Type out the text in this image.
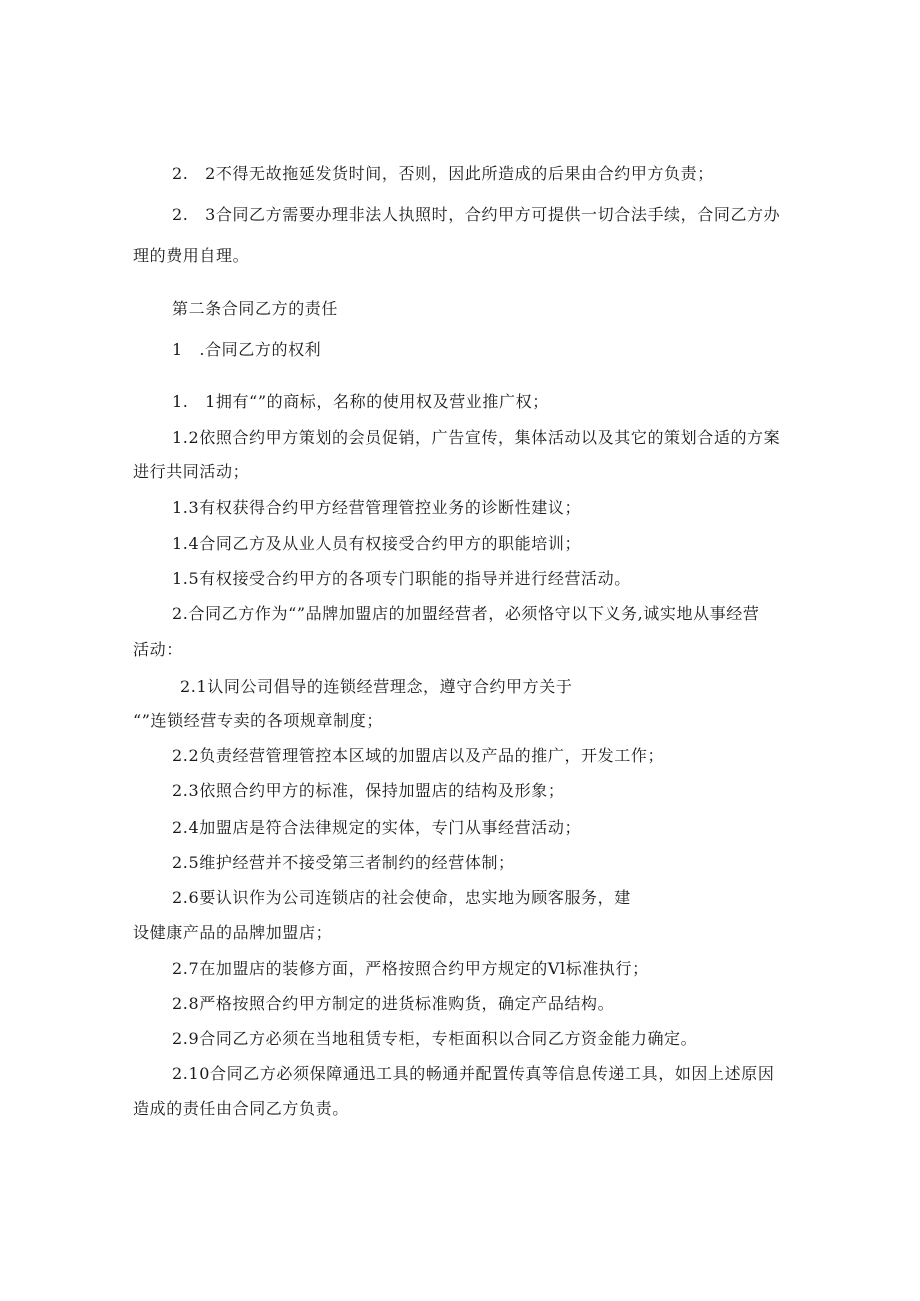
2.　2不得无故拖延发货时间，否则，因此所造成的后果由合约甲方负责；
2.　3合同乙方需要办理非法人执照时，合约甲方可提供一切合法手续，合同乙方办
理的费用自理。
第二条合同乙方的责任
1　.合同乙方的权利
1.　1拥有“”的商标，名称的使用权及营业推广权；
1.2依照合约甲方策划的会员促销，广告宣传，集体活动以及其它的策划合适的方案
进行共同活动；
1.3有权获得合约甲方经营管理管控业务的诊断性建议；
1.4合同乙方及从业人员有权接受合约甲方的职能培训；
1.5有权接受合约甲方的各项专门职能的指导并进行经营活动。
2.合同乙方作为“”品牌加盟店的加盟经营者，必须恪守以下义务,诚实地从事经营
活动：
2.1认同公司倡导的连锁经营理念，遵守合约甲方关于
“”连锁经营专卖的各项规章制度；
2.2负责经营管理管控本区域的加盟店以及产品的推广，开发工作；
2.3依照合约甲方的标准，保持加盟店的结构及形象；
2.4加盟店是符合法律规定的实体，专门从事经营活动；
2.5维护经营并不接受第三者制约的经营体制；
2.6要认识作为公司连锁店的社会使命，忠实地为顾客服务，建
设健康产品的品牌加盟店；
2.7在加盟店的装修方面，严格按照合约甲方规定的Vl标准执行；
2.8严格按照合约甲方制定的进货标准购货，确定产品结构。
2.9合同乙方必须在当地租赁专柜，专柜面积以合同乙方资金能力确定。
2.10合同乙方必须保障通迅工具的畅通并配置传真等信息传递工具，如因上述原因
造成的责任由合同乙方负责。
